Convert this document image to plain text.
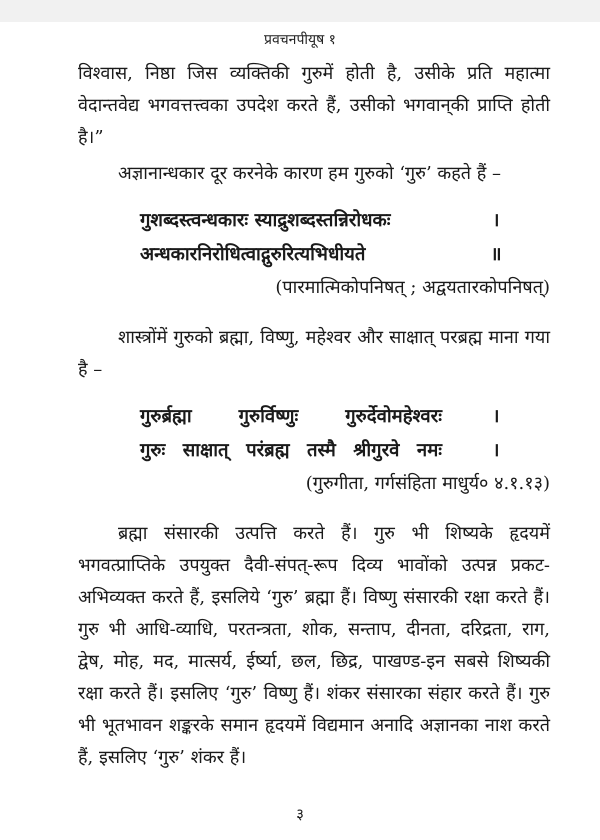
प्रवचनपीयूष १

विश्वास, निष्ठा जिस व्यक्तिकी गुरुमें होती है, उसीके प्रति महात्मा वेदान्तवेद्य भगवत्तत्त्वका उपदेश करते हैं, उसीको भगवान्‌की प्राप्ति होती है।”

अज्ञानान्धकार दूर करनेके कारण हम गुरुको ‘गुरु’ कहते हैं –

गुशब्दस्त्वन्धकारः स्याद्रुशब्दस्तन्निरोधकः	।
अन्धकारनिरोधित्वाद्गुरुरित्यभिधीयते	॥

(पारमात्मिकोपनिषत् ; अद्वयतारकोपनिषत्)

शास्त्रोंमें गुरुको ब्रह्मा, विष्णु, महेश्वर और साक्षात् परब्रह्म माना गया है –

गुरुर्ब्रह्मा	गुरुर्विष्णुः	गुरुर्देवोमहेश्वरः	।
गुरुः साक्षात् परंब्रह्म तस्मै श्रीगुरवे नमः	।

(गुरुगीता, गर्गसंहिता माधुर्य० ४.१.१३)

ब्रह्मा संसारकी उत्पत्ति करते हैं। गुरु भी शिष्यके हृदयमें भगवत्प्राप्तिके उपयुक्त दैवी-संपत्-रूप दिव्य भावोंको उत्पन्न प्रकट-अभिव्यक्त करते हैं, इसलिये ‘गुरु’ ब्रह्मा हैं। विष्णु संसारकी रक्षा करते हैं। गुरु भी आधि-व्याधि, परतन्त्रता, शोक, सन्ताप, दीनता, दरिद्रता, राग, द्वेष, मोह, मद, मात्सर्य, ईर्ष्या, छल, छिद्र, पाखण्ड-इन सबसे शिष्यकी रक्षा करते हैं। इसलिए ‘गुरु’ विष्णु हैं। शंकर संसारका संहार करते हैं। गुरु भी भूतभावन शङ्करके समान हृदयमें विद्यमान अनादि अज्ञानका नाश करते हैं, इसलिए ‘गुरु’ शंकर हैं।

३
